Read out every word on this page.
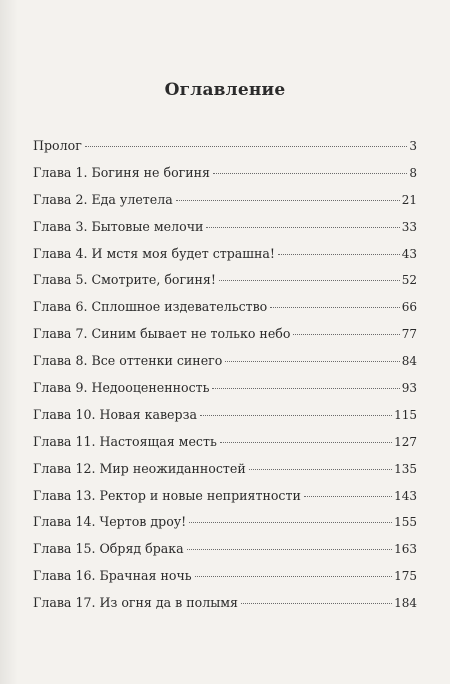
Оглавление
Пролог	3
Глава 1. Богиня не богиня	8
Глава 2. Еда улетела	21
Глава 3. Бытовые мелочи	33
Глава 4. И мстя моя будет страшна!	43
Глава 5. Смотрите, богиня!	52
Глава 6. Сплошное издевательство	66
Глава 7. Синим бывает не только небо	77
Глава 8. Все оттенки синего	84
Глава 9. Недооцененность	93
Глава 10. Новая каверза	115
Глава 11. Настоящая месть	127
Глава 12. Мир неожиданностей	135
Глава 13. Ректор и новые неприятности	143
Глава 14. Чертов дроу!	155
Глава 15. Обряд брака	163
Глава 16. Брачная ночь	175
Глава 17. Из огня да в полымя	184
